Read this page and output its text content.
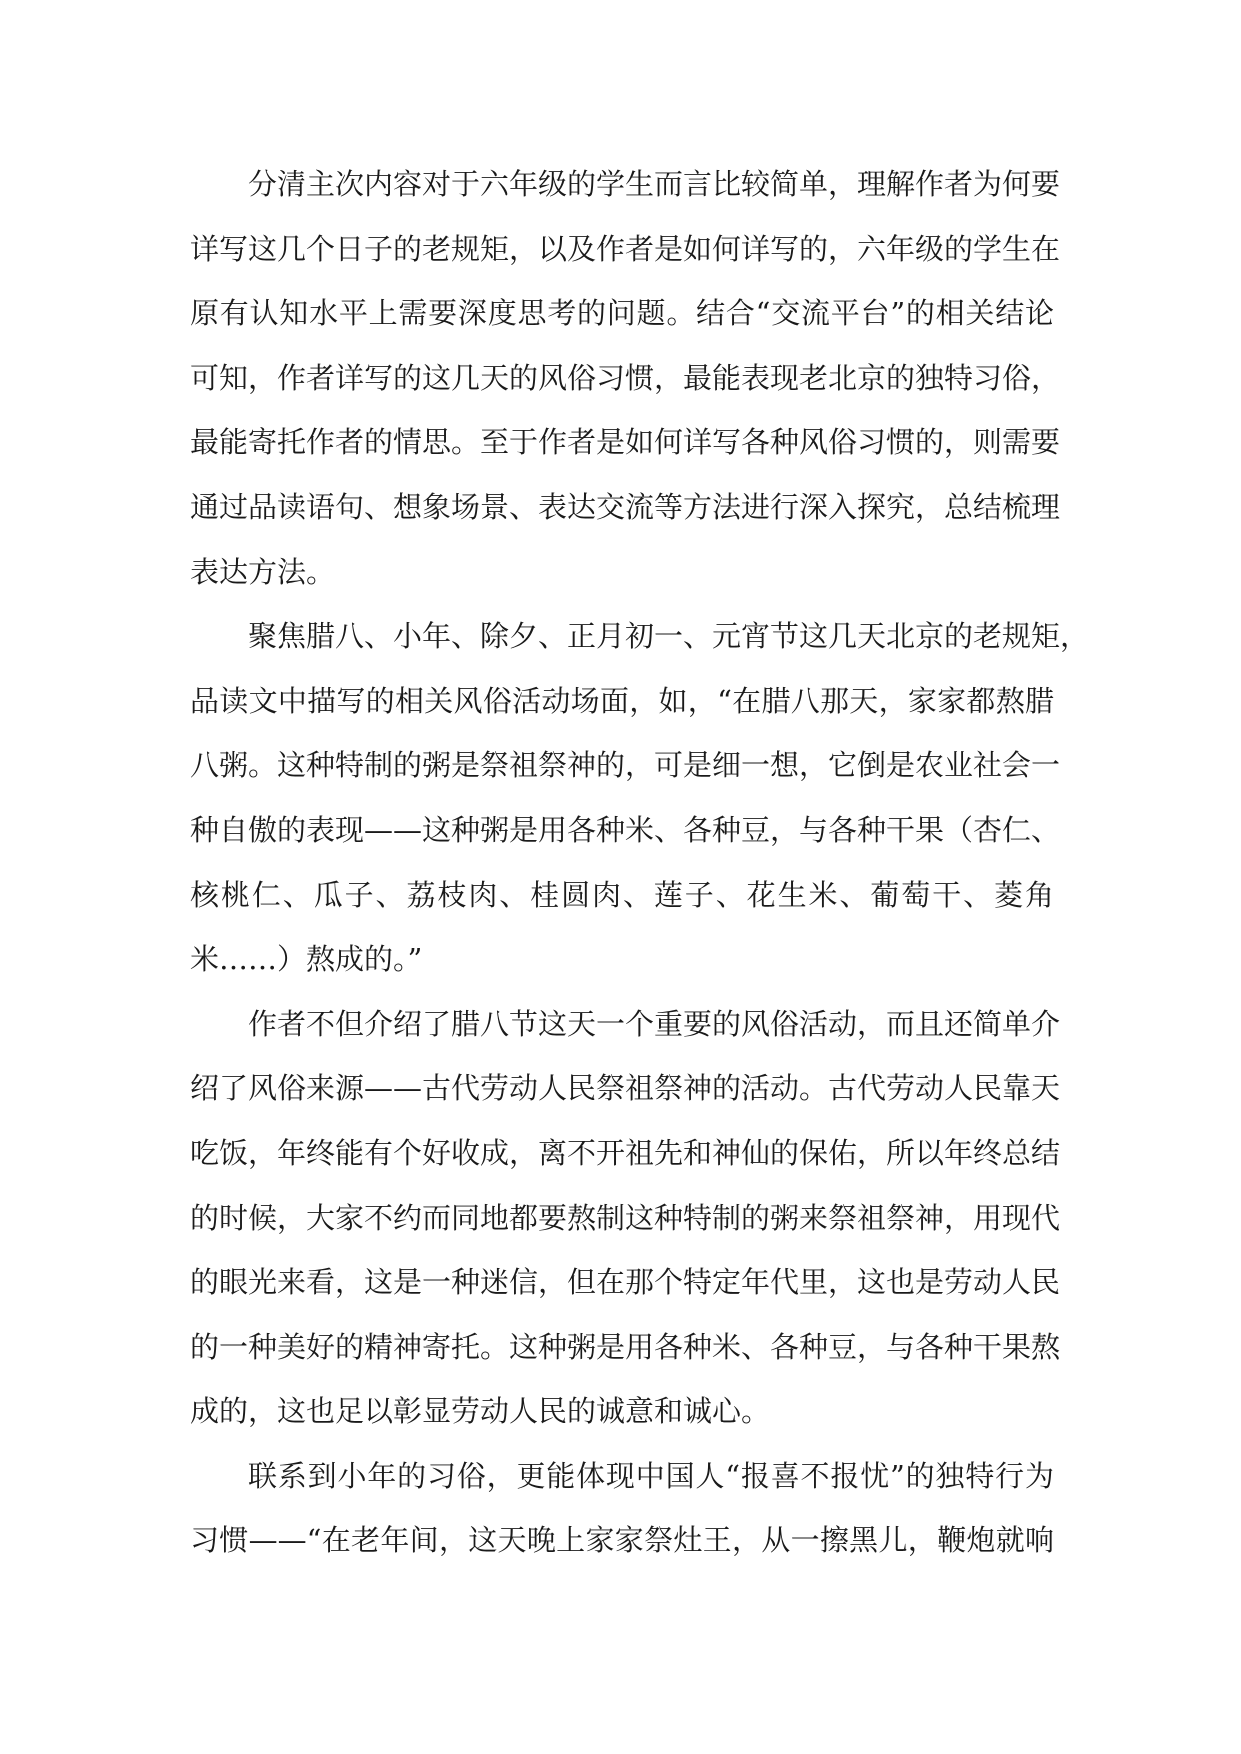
分清主次内容对于六年级的学生而言比较简单，理解作者为何要
详写这几个日子的老规矩，以及作者是如何详写的，六年级的学生在
原有认知水平上需要深度思考的问题。结合“交流平台”的相关结论
可知，作者详写的这几天的风俗习惯，最能表现老北京的独特习俗，
最能寄托作者的情思。至于作者是如何详写各种风俗习惯的，则需要
通过品读语句、想象场景、表达交流等方法进行深入探究，总结梳理
表达方法。
聚焦腊八、小年、除夕、正月初一、元宵节这几天北京的老规矩，
品读文中描写的相关风俗活动场面，如，“在腊八那天，家家都熬腊
八粥。这种特制的粥是祭祖祭神的，可是细一想，它倒是农业社会一
种自傲的表现——这种粥是用各种米、各种豆，与各种干果（杏仁、
核桃仁、瓜子、荔枝肉、桂圆肉、莲子、花生米、葡萄干、菱角
米……）熬成的。”
作者不但介绍了腊八节这天一个重要的风俗活动，而且还简单介
绍了风俗来源——古代劳动人民祭祖祭神的活动。古代劳动人民靠天
吃饭，年终能有个好收成，离不开祖先和神仙的保佑，所以年终总结
的时候，大家不约而同地都要熬制这种特制的粥来祭祖祭神，用现代
的眼光来看，这是一种迷信，但在那个特定年代里，这也是劳动人民
的一种美好的精神寄托。这种粥是用各种米、各种豆，与各种干果熬
成的，这也足以彰显劳动人民的诚意和诚心。
联系到小年的习俗，更能体现中国人“报喜不报忧”的独特行为
习惯——“在老年间，这天晚上家家祭灶王，从一擦黑儿，鞭炮就响
